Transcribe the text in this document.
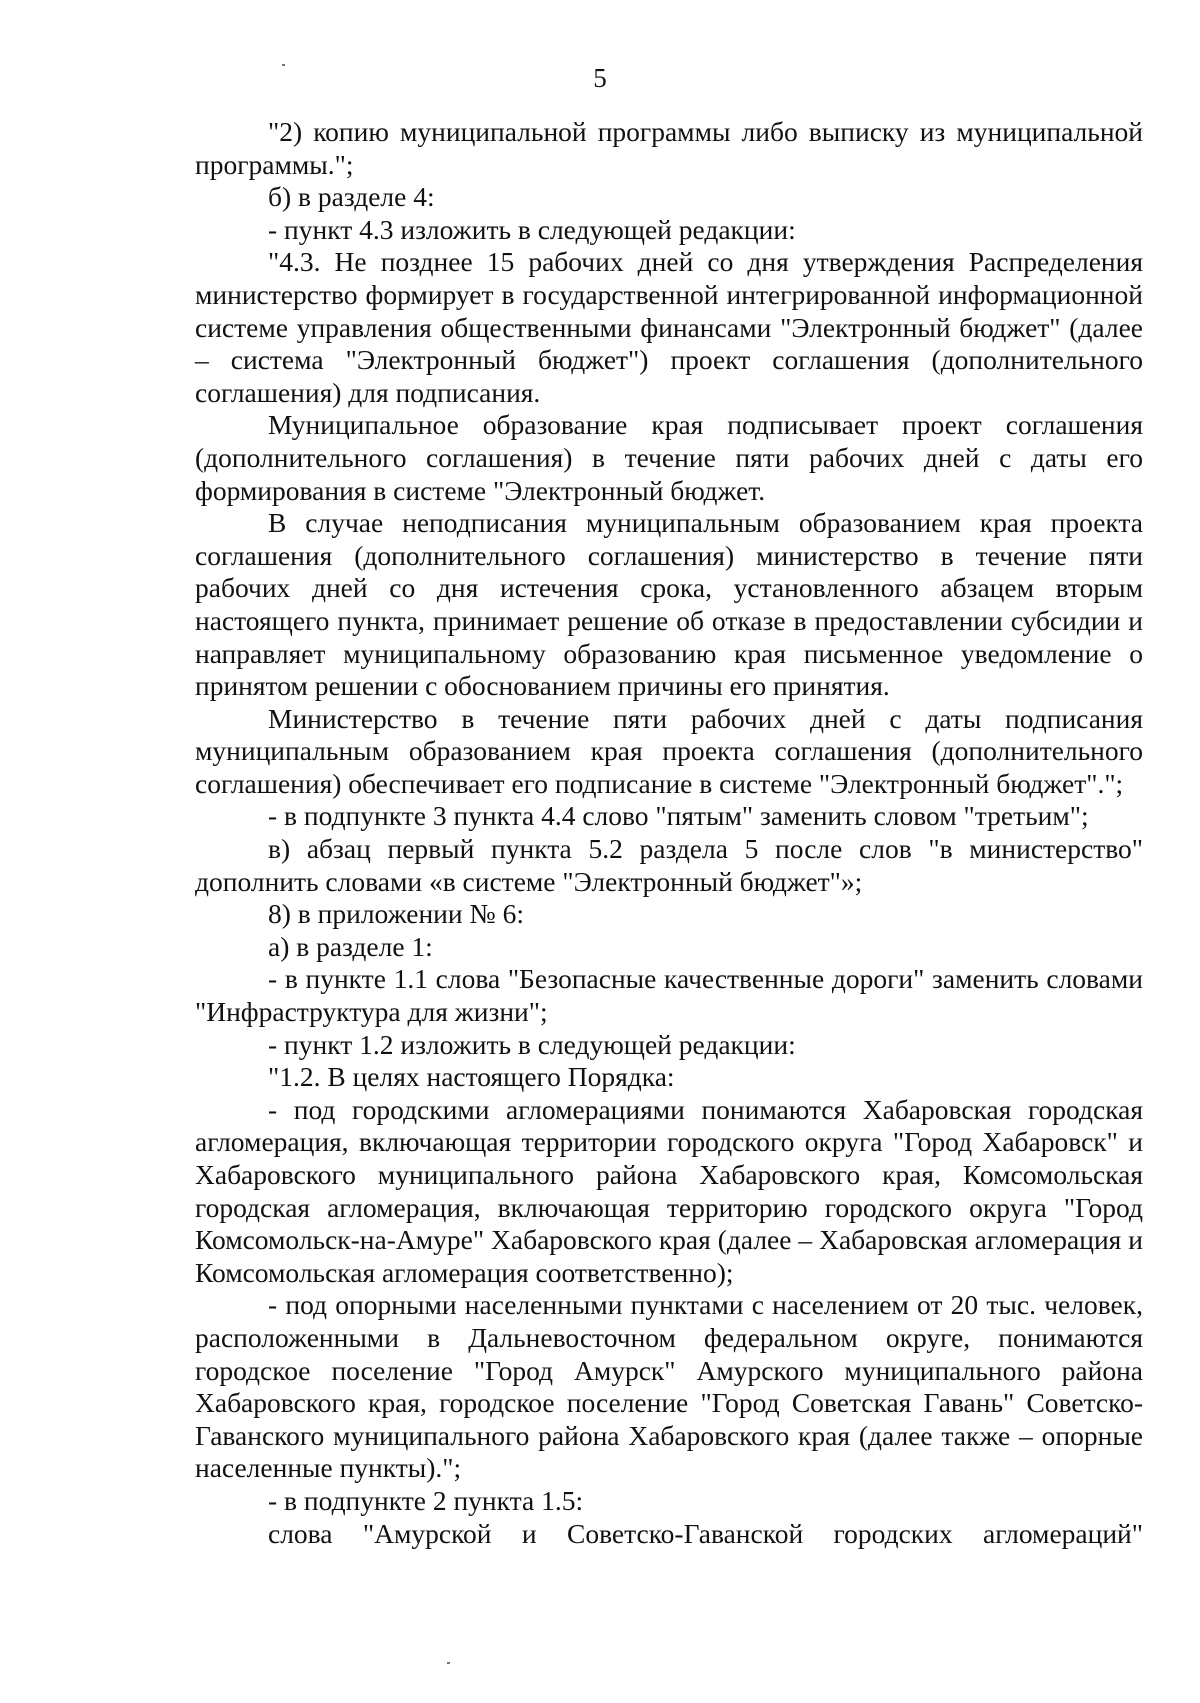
5

"2) копию муниципальной программы либо выписку из муниципальной программы.";

б) в разделе 4:

- пункт 4.3 изложить в следующей редакции:

"4.3. Не позднее 15 рабочих дней со дня утверждения Распределения министерство формирует в государственной интегрированной информационной системе управления общественными финансами "Электронный бюджет" (далее – система "Электронный бюджет") проект соглашения (дополнительного соглашения) для подписания.

Муниципальное образование края подписывает проект соглашения (дополнительного соглашения) в течение пяти рабочих дней с даты его формирования в системе "Электронный бюджет.

В случае неподписания муниципальным образованием края проекта соглашения (дополнительного соглашения) министерство в течение пяти рабочих дней со дня истечения срока, установленного абзацем вторым настоящего пункта, принимает решение об отказе в предоставлении субсидии и направляет муниципальному образованию края письменное уведомление о принятом решении с обоснованием причины его принятия.

Министерство в течение пяти рабочих дней с даты подписания муниципальным образованием края проекта соглашения (дополнительного соглашения) обеспечивает его подписание в системе "Электронный бюджет".";

- в подпункте 3 пункта 4.4 слово "пятым" заменить словом "третьим";

в) абзац первый пункта 5.2 раздела 5 после слов "в министерство" дополнить словами «в системе "Электронный бюджет"»;

8) в приложении № 6:

а) в разделе 1:

- в пункте 1.1 слова "Безопасные качественные дороги" заменить словами "Инфраструктура для жизни";

- пункт 1.2 изложить в следующей редакции:

"1.2. В целях настоящего Порядка:

- под городскими агломерациями понимаются Хабаровская городская агломерация, включающая территории городского округа "Город Хабаровск" и Хабаровского муниципального района Хабаровского края, Комсомольская городская агломерация, включающая территорию городского округа "Город Комсомольск-на-Амуре" Хабаровского края (далее – Хабаровская агломерация и Комсомольская агломерация соответственно);

- под опорными населенными пунктами с населением от 20 тыс. человек, расположенными в Дальневосточном федеральном округе, понимаются городское поселение "Город Амурск" Амурского муниципального района Хабаровского края, городское поселение "Город Советская Гавань" Советско-Гаванского муниципального района Хабаровского края (далее также – опорные населенные пункты).";

- в подпункте 2 пункта 1.5:

слова "Амурской и Советско-Гаванской городских агломераций"
